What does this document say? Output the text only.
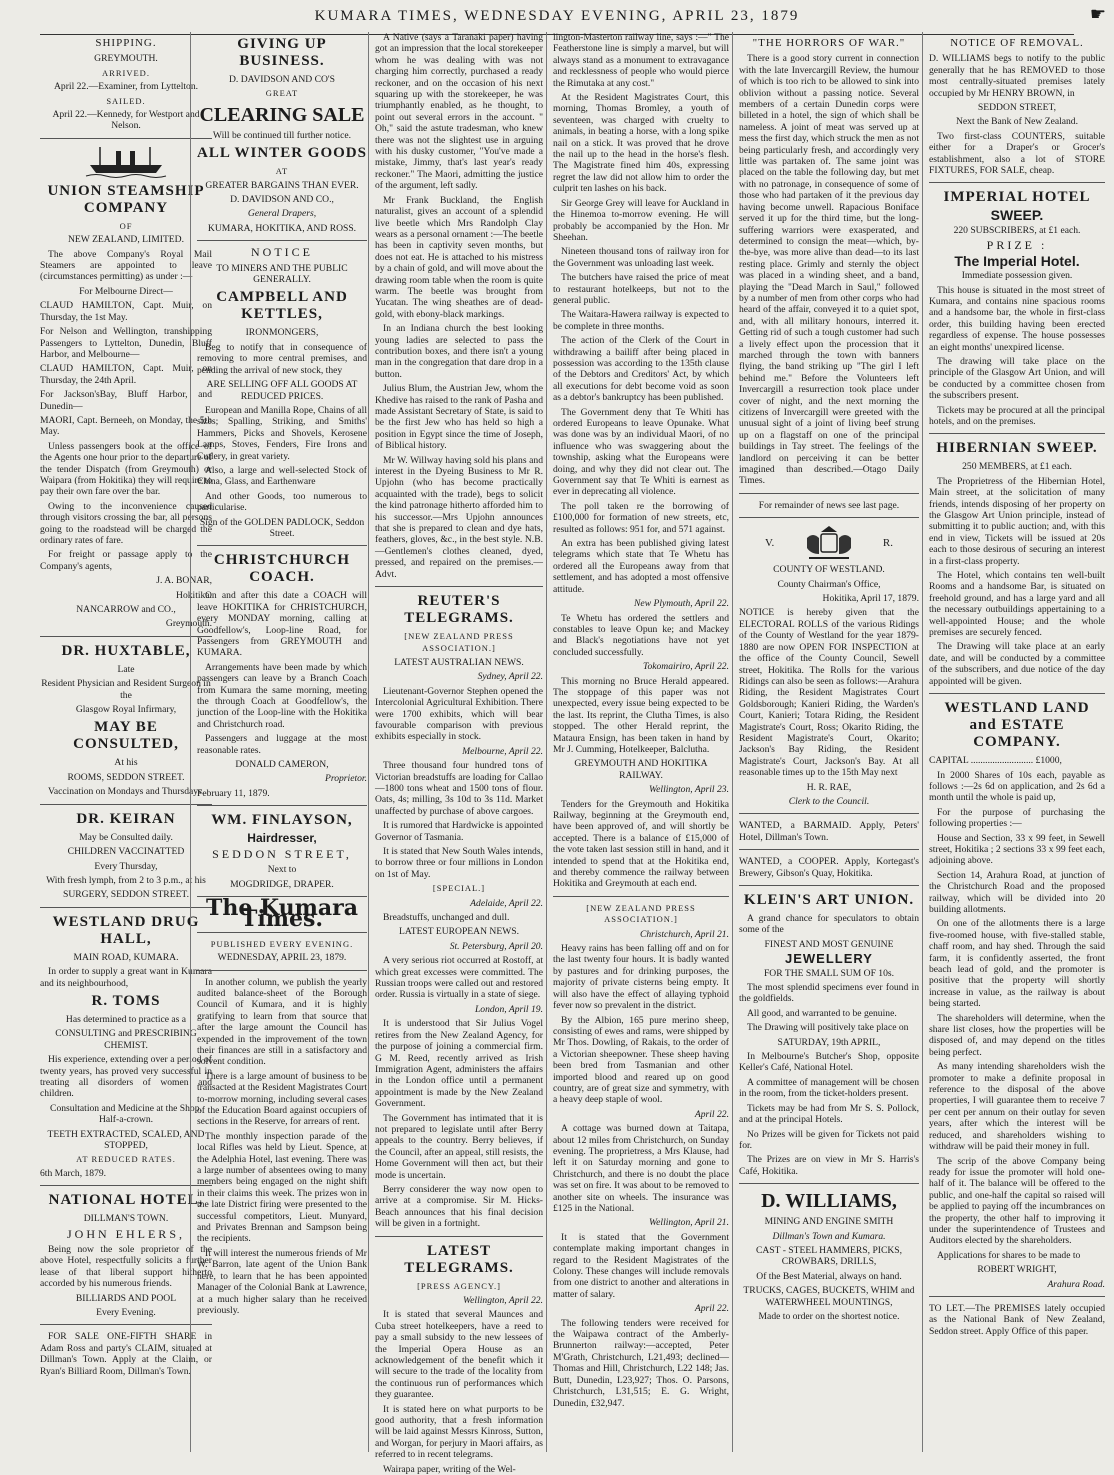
KUMARA TIMES, WEDNESDAY EVENING, APRIL 23, 1879	☛
SHIPPING.
GREYMOUTH.
ARRIVED.
April 22.—Examiner, from Lyttelton.
SAILED.
April 22.—Kennedy, for Westport and Nelson.
UNION STEAMSHIP COMPANY
OF
NEW ZEALAND, LIMITED.

The above Company's Royal Mail Steamers are appointed to leave (circumstances permitting) as under :—

For Melbourne Direct—

CLAUD HAMILTON, Capt. Muir, on Thursday, the 1st May.

For Nelson and Wellington, transhipping Passengers to Lyttelton, Dunedin, Bluff Harbor, and Melbourne—

CLAUD HAMILTON, Capt. Muir, on Thursday, the 24th April.

For Jackson'sBay, Bluff Harbor, and Dunedin—

MAORI, Capt. Berneeh, on Monday, the 5th May.

Unless passengers book at the office of the Agents one hour prior to the departure of the tender Dispatch (from Greymouth) or Waipara (from Hokitika) they will require to pay their own fare over the bar.

Owing to the inconvenience caused through visitors crossing the bar, all persons going to the roadstead will be charged the ordinary rates of fare.

For freight or passage apply to the Company's agents,

J. A. BONAR,
Hokitika.
NANCARROW and CO.,
Greymouth.
DR. HUXTABLE,
Late
Resident Physician and Resident Surgeon in the
Glasgow Royal Infirmary,
MAY BE CONSULTED,
At his
ROOMS, SEDDON STREET.

Vaccination on Mondays and Thursdays.

DR. KEIRAN
May be Consulted daily.
CHILDREN VACCINATTED
Every Thursday,
With fresh lymph, from 2 to 3 p.m., at his
SURGERY, SEDDON STREET.
WESTLAND DRUG HALL,
MAIN ROAD, KUMARA.

In order to supply a great want in Kumara and its neighbourhood,

R. TOMS
Has determined to practice as a
CONSULTING and PRESCRIBING CHEMIST.

His experience, extending over a period of twenty years, has proved very successful in treating all disorders of women and children.

Consultation and Medicine at the Shop, Half-a-crown.
TEETH EXTRACTED, SCALED, AND STOPPED,
AT REDUCED RATES.

6th March, 1879.

NATIONAL HOTEL,
DILLMAN'S TOWN.
JOHN EHLERS,

Being now the sole proprietor of the above Hotel, respectfully solicits a further lease of that liberal support hitherto accorded by his numerous friends.

BILLIARDS AND POOL
Every Evening.

FOR SALE ONE-FIFTH SHARE in Adam Ross and party's CLAIM, situated at Dillman's Town. Apply at the Claim, or Ryan's Billiard Room, Dillman's Town.

GIVING UP BUSINESS.
D. DAVIDSON AND CO'S
GREAT
CLEARING SALE
Will be continued till further notice.
ALL WINTER GOODS
AT
GREATER BARGAINS THAN EVER.
D. DAVIDSON AND CO.,
General Drapers,
KUMARA, HOKITIKA, AND ROSS.
NOTICE
TO MINERS AND THE PUBLIC GENERALLY.
CAMPBELL AND KETTLES,
IRONMONGERS,

Beg to notify that in consequence of removing to more central premises, and pending the arrival of new stock, they

ARE SELLING OFF ALL GOODS AT REDUCED PRICES.

European and Manilla Rope, Chains of all sizes; Spalling, Striking, and Smiths' Hammers, Picks and Shovels, Kerosene Lamps, Stoves, Fenders, Fire Irons and Cutlery, in great variety.

Also, a large and well-selected Stock of China, Glass, and Earthenware

And other Goods, too numerous to particularise.

Sign of the GOLDEN PADLOCK, Seddon Street.
CHRISTCHURCH COACH.

On and after this date a COACH will leave HOKITIKA for CHRISTCHURCH, every MONDAY morning, calling at Goodfellow's, Loop-line Road, for Passengers from GREYMOUTH and KUMARA.

Arrangements have been made by which passengers can leave by a Branch Coach from Kumara the same morning, meeting the through Coach at Goodfellow's, the junction of the Loop-line with the Hokitika and Christchurch road.

Passengers and luggage at the most reasonable rates.

DONALD CAMERON,
Proprietor.

February 11, 1879.

WM. FINLAYSON,
Hairdresser,
SEDDON STREET,
Next to
MOGDRIDGE, DRAPER.
The Kumara Times.
PUBLISHED EVERY EVENING.
WEDNESDAY, APRIL 23, 1879.

In another column, we publish the yearly audited balance-sheet of the Borough Council of Kumara, and it is highly gratifying to learn from that source that after the large amount the Council has expended in the improvement of the town their finances are still in a satisfactory and solvent condition.

There is a large amount of business to be transacted at the Resident Magistrates Court to-morrow morning, including several cases of the Education Board against occupiers of sections in the Reserve, for arrears of rent.

The monthly inspection parade of the local Rifles was held by Lieut. Spence, at the Adelphia Hotel, last evening. There was a large number of absentees owing to many members being engaged on the night shift in their claims this week. The prizes won in the late District firing were presented to the successful competitors, Lieut. Munyard, and Privates Brennan and Sampson being the recipients.

It will interest the numerous friends of Mr W. Barron, late agent of the Union Bank here, to learn that he has been appointed Manager of the Colonial Bank at Lawrence, at a much higher salary than he received previously.

A Native (says a Taranaki paper) having got an impression that the local storekeeper whom he was dealing with was not charging him correctly, purchased a ready reckoner, and on the occasion of his next squaring up with the storekeeper, he was triumphantly enabled, as he thought, to point out several errors in the account. " Oh," said the astute tradesman, who knew there was not the slightest use in arguing with his dusky customer, "You've made a mistake, Jimmy, that's last year's ready reckoner." The Maori, admitting the justice of the argument, left sadly.

Mr Frank Buckland, the English naturalist, gives an account of a splendid live beetle which Mrs Randolph Clay wears as a personal ornament :—The beetle has been in captivity seven months, but does not eat. He is attached to his mistress by a chain of gold, and will move about the drawing room table when the room is quite warm. The beetle was brought from Yucatan. The wing sheathes are of dead-gold, with ebony-black markings.

In an Indiana church the best looking young ladies are selected to pass the contribution boxes, and there isn't a young man in the congregation that dare drop in a button.

Julius Blum, the Austrian Jew, whom the Khedive has raised to the rank of Pasha and made Assistant Secretary of State, is said to be the first Jew who has held so high a position in Egypt since the time of Joseph, of Biblical history.

Mr W. Willway having sold his plans and interest in the Dyeing Business to Mr R. Upjohn (who has become practically acquainted with the trade), begs to solicit the kind patronage hitherto afforded him to his successor.—Mrs Upjohn announces that she is prepared to clean and dye hats, feathers, gloves, &c., in the best style. N.B.—Gentlemen's clothes cleaned, dyed, pressed, and repaired on the premises.—Advt.

REUTER'S TELEGRAMS.
[NEW ZEALAND PRESS ASSOCIATION.]
LATEST AUSTRALIAN NEWS.
Sydney, April 22.

Lieutenant-Governor Stephen opened the Intercolonial Agricultural Exhibition. There were 1700 exhibits, which will bear favourable comparison with previous exhibits especially in stock.

Melbourne, April 22.

Three thousand four hundred tons of Victorian breadstuffs are loading for Callao—1800 tons wheat and 1500 tons of flour. Oats, 4s; milling, 3s 10d to 3s 11d. Market unaffected by purchase of above cargoes.

It is rumored that Hardwicke is appointed Governor of Tasmania.

It is stated that New South Wales intends, to borrow three or four millions in London on 1st of May.

[SPECIAL.]
Adelaide, April 22.

Breadstuffs, unchanged and dull.

LATEST EUROPEAN NEWS.
St. Petersburg, April 20.

A very serious riot occurred at Rostoff, at which great excesses were committed. The Russian troops were called out and restored order. Russia is virtually in a state of siege.

London, April 19.

It is understood that Sir Julius Vogel retires from the New Zealand Agency, for the purpose of joining a commercial firm. G M. Reed, recently arrived as Irish Immigration Agent, administers the affairs in the London office until a permanent appointment is made by the New Zealand Government.

The Government has intimated that it is not prepared to legislate until after Berry appeals to the country. Berry believes, if the Council, after an appeal, still resists, the Home Government will then act, but their mode is uncertain.

Berry considerer the way now open to arrive at a compromise. Sir M. Hicks-Beach announces that his final decision will be given in a fortnight.

LATEST TELEGRAMS.
[PRESS AGENCY.]
Wellington, April 22.

It is stated that several Maunces and Cuba street hotelkeepers, have a reed to pay a small subsidy to the new lessees of the Imperial Opera House as an acknowledgement of the benefit which it will secure to the trade of the locality from the continuous run of performances which they guarantee.

It is stated here on what purports to be good authority, that a fresh information will be laid against Messrs Kinross, Sutton, and Worgan, for perjury in Maori affairs, as referred to in recent telegrams.

Wairapa paper, writing of the Wel-

lington-Masterton railway line, says :—" The Featherstone line is simply a marvel, but will always stand as a monument to extravagance and recklessness of people who would pierce the Rimutaka at any cost."

At the Resident Magistrates Court, this morning, Thomas Bromley, a youth of seventeen, was charged with cruelty to animals, in beating a horse, with a long spike nail on a stick. It was proved that he drove the nail up to the head in the horse's flesh. The Magistrate fined him 40s, expressing regret the law did not allow him to order the culprit ten lashes on his back.

Sir George Grey will leave for Auckland in the Hinemoa to-morrow evening. He will probably be accompanied by the Hon. Mr Sheehan.

Nineteen thousand tons of railway iron for the Government was unloading last week.

The butchers have raised the price of meat to restaurant hotelkeeps, but not to the general public.

The Waitara-Hawera railway is expected to be complete in three months.

The action of the Clerk of the Court in withdrawing a bailiff after being placed in possession was according to the 135th clause of the Debtors and Creditors' Act, by which all executions for debt become void as soon as a debtor's bankruptcy has been published.

The Government deny that Te Whiti has ordered Europeans to leave Opunake. What was done was by an individual Maori, of no influence who was swaggering about the township, asking what the Europeans were doing, and why they did not clear out. The Government say that Te Whiti is earnest as ever in deprecating all violence.

The poll taken re the borrowing of £100,000 for formation of new streets, etc, resulted as follows: 951 for, and 571 against.

An extra has been published giving latest telegrams which state that Te Whetu has ordered all the Europeans away from that settlement, and has adopted a most offensive attitude.

New Plymouth, April 22.

Te Whetu has ordered the settlers and constables to leave Opun ke; and Mackey and Black's negotiations have not yet concluded successfully.

Tokomairiro, April 22.

This morning no Bruce Herald appeared. The stoppage of this paper was not unexpected, every issue being expected to be the last. Its reprint, the Clutha Times, is also stopped. The other Herald reprint, the Mataura Ensign, has been taken in hand by Mr J. Cumming, Hotelkeeper, Balclutha.

GREYMOUTH AND HOKITIKA RAILWAY.
Wellington, April 23.

Tenders for the Greymouth and Hokitika Railway, beginning at the Greymouth end, have been approved of, and will shortly be accepted. There is a balance of £15,000 of the vote taken last session still in hand, and it intended to spend that at the Hokitika end, and thereby commence the railway between Hokitika and Greymouth at each end.

[NEW ZEALAND PRESS ASSOCIATION.]
Christchurch, April 21.

Heavy rains has been falling off and on for the last twenty four hours. It is badly wanted by pastures and for drinking purposes, the majority of private cisterns being empty. It will also have the effect of allaying typhoid fever now so prevalent in the district.

By the Albion, 165 pure merino sheep, consisting of ewes and rams, were shipped by Mr Thos. Dowling, of Rakais, to the order of a Victorian sheepowner. These sheep having been bred from Tasmanian and other imported blood and reared up on good country, are of great size and symmetry, with a heavy deep staple of wool.

April 22.

A cottage was burned down at Taitapa, about 12 miles from Christchurch, on Sunday evening. The proprietress, a Mrs Klause, had left it on Saturday morning and gone to Christchurch, and there is no doubt the place was set on fire. It was about to be removed to another site on wheels. The insurance was £125 in the National.

Wellington, April 21.

It is stated that the Government contemplate making important changes in regard to the Resident Magistrates of the Colony. These changes will include removals from one district to another and alterations in matter of salary.

April 22.

The following tenders were received for the Waipawa contract of the Amberly-Brunnerton railway:—accepted, Peter M'Grath, Christchurch, L21,493; declined—Thomas and Hill, Christchurch, L22 148; Jas. Butt, Dunedin, L23,927; Thos. O. Parsons, Christchurch, L31,515; E. G. Wright, Dunedin, £32,947.

"THE HORRORS OF WAR."

There is a good story current in connection with the late Invercargill Review, the humour of which is too rich to be allowed to sink into oblivion without a passing notice. Several members of a certain Dunedin corps were billeted in a hotel, the sign of which shall be nameless. A joint of meat was served up at mess the first day, which struck the men as not being particularly fresh, and accordingly very little was partaken of. The same joint was placed on the table the following day, but met with no patronage, in consequence of some of those who had partaken of it the previous day having become unwell. Rapacious Boniface served it up for the third time, but the long-suffering warriors were exasperated, and determined to consign the meat—which, by-the-bye, was more alive than dead—to its last resting place. Grimly and sternly the object was placed in a winding sheet, and a band, playing the "Dead March in Saul," followed by a number of men from other corps who had heard of the affair, conveyed it to a quiet spot, and, with all military honours, interred it. Getting rid of such a tough customer had such a lively effect upon the procession that it marched through the town with banners flying, the band striking up "The girl I left behind me." Before the Volunteers left Invercargill a resurrection took place under cover of night, and the next morning the citizens of Invercargill were greeted with the unusual sight of a joint of living beef strung up on a flagstaff on one of the principal buildings in Tay street. The feelings of the landlord on perceiving it can be better imagined than described.—Otago Daily Times.

For remainder of news see last page.
V.	R.
COUNTY OF WESTLAND.
County Chairman's Office,
Hokitika, April 17, 1879.

NOTICE is hereby given that the ELECTORAL ROLLS of the various Ridings of the County of Westland for the year 1879-1880 are now OPEN FOR INSPECTION at the office of the County Council, Sewell street, Hokitika. The Rolls for the various Ridings can also be seen as follows:—Arahura Riding, the Resident Magistrates Court Goldsborough; Kanieri Riding, the Warden's Court, Kanieri; Totara Riding, the Resident Magistrate's Court, Ross; Okarito Riding, the Resident Magistrate's Court, Okarito; Jackson's Bay Riding, the Resident Magistrate's Court, Jackson's Bay. At all reasonable times up to the 15th May next

H. R. RAE,
Clerk to the Council.

WANTED, a BARMAID. Apply, Peters' Hotel, Dillman's Town.

WANTED, a COOPER. Apply, Kortegast's Brewery, Gibson's Quay, Hokitika.

KLEIN'S ART UNION.

A grand chance for speculators to obtain some of the

FINEST AND MOST GENUINE
JEWELLERY
FOR THE SMALL SUM OF 10s.

The most splendid specimens ever found in the goldfields.

All good, and warranted to be genuine.

The Drawing will positively take place on

SATURDAY, 19th APRIL,

In Melbourne's Butcher's Shop, opposite Keller's Café, National Hotel.

A committee of management will be chosen in the room, from the ticket-holders present.

Tickets may be had from Mr S. S. Pollock, and at the principal Hotels.

No Prizes will be given for Tickets not paid for.

The Prizes are on view in Mr S. Harris's Café, Hokitika.

D. WILLIAMS,
MINING AND ENGINE SMITH
Dillman's Town and Kumara.
CAST - STEEL HAMMERS, PICKS, CROWBARS, DRILLS,
Of the Best Material, always on hand.
TRUCKS, CAGES, BUCKETS, WHIM and WATERWHEEL MOUNTINGS,
Made to order on the shortest notice.
NOTICE OF REMOVAL.

D. WILLIAMS begs to notify to the public generally that he has REMOVED to those most centrally-situated premises lately occupied by Mr HENRY BROWN, in

SEDDON STREET,
Next the Bank of New Zealand.

Two first-class COUNTERS, suitable either for a Draper's or Grocer's establishment, also a lot of STORE FIXTURES, FOR SALE, cheap.

IMPERIAL HOTEL
SWEEP.
220 SUBSCRIBERS, at £1 each.
PRIZE :
The Imperial Hotel.
Immediate possession given.

This house is situated in the most street of Kumara, and contains nine spacious rooms and a handsome bar, the whole in first-class order, this building having been erected regardless of expense. The house possesses an eight months' unexpired license.

The drawing will take place on the principle of the Glasgow Art Union, and will be conducted by a committee chosen from the subscribers present.

Tickets may be procured at all the principal hotels, and on the premises.

HIBERNIAN SWEEP.
250 MEMBERS, at £1 each.

The Proprietress of the Hibernian Hotel, Main street, at the solicitation of many friends, intends disposing of her property on the Glasgow Art Union principle, instead of submitting it to public auction; and, with this end in view, Tickets will be issued at 20s each to those desirous of securing an interest in a first-class property.

The Hotel, which contains ten well-built Rooms and a handsome Bar, is situated on freehold ground, and has a large yard and all the necessary outbuildings appertaining to a well-appointed House; and the whole premises are securely fenced.

The Drawing will take place at an early date, and will be conducted by a committee of the subscribers, and due notice of the day appointed will be given.

WESTLAND LAND and ESTATE COMPANY.

CAPITAL .......................... £1000,

In 2000 Shares of 10s each, payable as follows :—2s 6d on application, and 2s 6d a month until the whole is paid up,

For the purpose of purchasing the following properties :—

House and Section, 33 x 99 feet, in Sewell street, Hokitika ; 2 sections 33 x 99 feet each, adjoining above.

Section 14, Arahura Road, at junction of the Christchurch Road and the proposed railway, which will be divided into 20 building allotments.

On one of the allotments there is a large five-roomed house, with five-stalled stable, chaff room, and hay shed. Through the said farm, it is confidently asserted, the front beach lead of gold, and the promoter is positive that the property will shortly increase in value, as the railway is about being started.

The shareholders will determine, when the share list closes, how the properties will be disposed of, and may depend on the titles being perfect.

As many intending shareholders wish the promoter to make a definite proposal in reference to the disposal of the above properties, I will guarantee them to receive 7 per cent per annum on their outlay for seven years, after which the interest will be reduced, and shareholders wishing to withdraw will be paid their money in full.

The scrip of the above Company being ready for issue the promoter will hold one-half of it. The balance will be offered to the public, and one-half the capital so raised will be applied to paying off the incumbrances on the property, the other half to improving it under the superintendence of Trustees and Auditors elected by the shareholders.

Applications for shares to be made to

ROBERT WRIGHT,
Arahura Road.

TO LET.—The PREMISES lately occupied as the National Bank of New Zealand, Seddon street. Apply Office of this paper.
